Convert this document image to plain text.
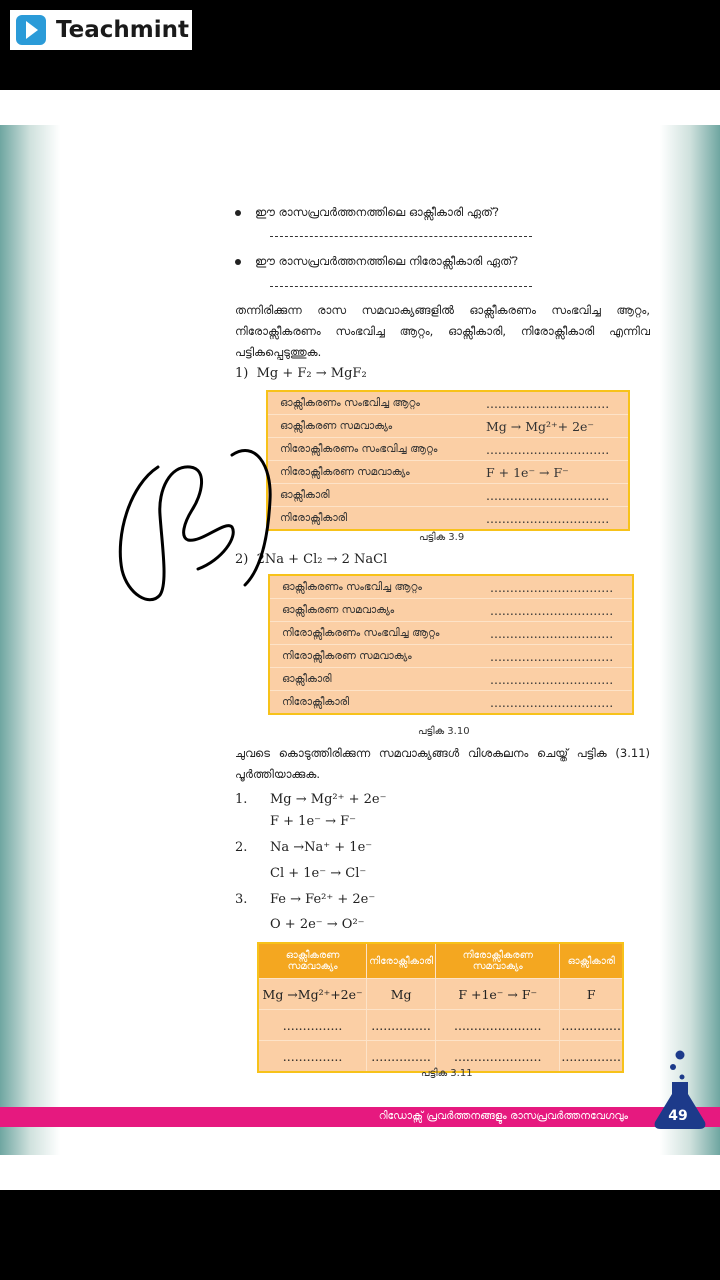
Teachmint
ഈ രാസപ്രവർത്തനത്തിലെ ഓക്സീകാരി ഏത്?
ഈ രാസപ്രവർത്തനത്തിലെ നിരോക്സീകാരി ഏത്?
തന്നിരിക്കുന്ന രാസ സമവാക്യങ്ങളിൽ ഓക്സീകരണം സംഭവിച്ച ആറ്റം, നിരോക്സീകരണം സംഭവിച്ച ആറ്റം, ഓക്സീകാരി, നിരോക്സീകാരി എന്നിവ പട്ടികപ്പെടുത്തുക.
1) Mg + F₂ → MgF₂
ഓക്സീകരണം സംഭവിച്ച ആറ്റം	...............................
ഓക്സീകരണ സമവാക്യം	Mg → Mg²⁺+ 2e⁻
നിരോക്സീകരണം സംഭവിച്ച ആറ്റം	...............................
നിരോക്സീകരണ സമവാക്യം	F + 1e⁻ → F⁻
ഓക്സീകാരി	...............................
നിരോക്സീകാരി	...............................
പട്ടിക 3.9
2) 2Na + Cl₂ → 2 NaCl
ഓക്സീകരണം സംഭവിച്ച ആറ്റം	...............................
ഓക്സീകരണ സമവാക്യം	...............................
നിരോക്സീകരണം സംഭവിച്ച ആറ്റം	...............................
നിരോക്സീകരണ സമവാക്യം	...............................
ഓക്സീകാരി	...............................
നിരോക്സീകാരി	...............................
പട്ടിക 3.10
ചുവടെ കൊടുത്തിരിക്കുന്ന സമവാക്യങ്ങൾ വിശകലനം ചെയ്ത് പട്ടിക (3.11) പൂർത്തിയാക്കുക.
1. Mg → Mg²⁺ + 2e⁻
F + 1e⁻ → F⁻
2. Na →Na⁺ + 1e⁻
Cl + 1e⁻ → Cl⁻
3. Fe → Fe²⁺ + 2e⁻
O + 2e⁻ → O²⁻
ഓക്സീകരണ സമവാക്യം	നിരോക്സീകാരി	നിരോക്സീകരണ സമവാക്യം	ഓക്സീകാരി
Mg →Mg²⁺+2e⁻	Mg	F +1e⁻ → F⁻	F
...............	...............	......................	...............
...............	...............	......................	...............
പട്ടിക 3.11
റിഡോക്സ് പ്രവർത്തനങ്ങളും രാസപ്രവർത്തനവേഗവും	49
